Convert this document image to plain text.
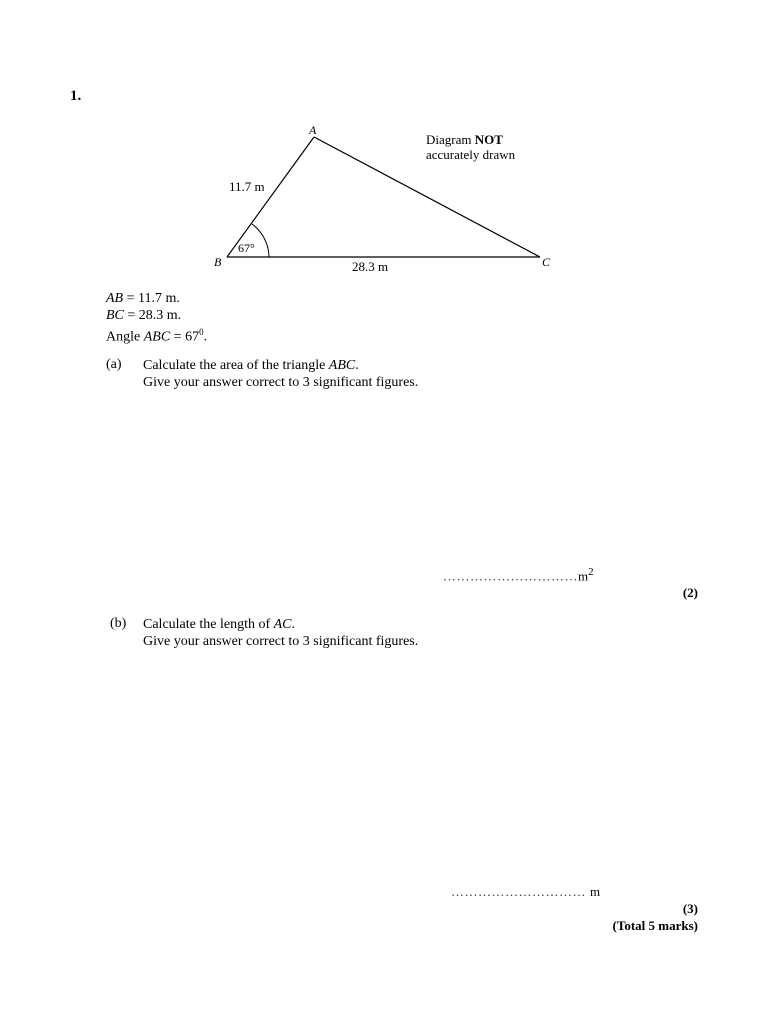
1.
A
B	C
11.7 m
28.3 m
67°
Diagram NOT
accurately drawn
AB = 11.7 m.
BC = 28.3 m.
Angle ABC = $67^0$.
(a) Calculate the area of the triangle ABC.
Give your answer correct to 3 significant figures.
$\dots\dots\dots\dots\dots\dots\dots\dots\dots\dots m^2$
(2)
(b) Calculate the length of AC.
Give your answer correct to 3 significant figures.
………………………… m
(3)
(Total 5 marks)
